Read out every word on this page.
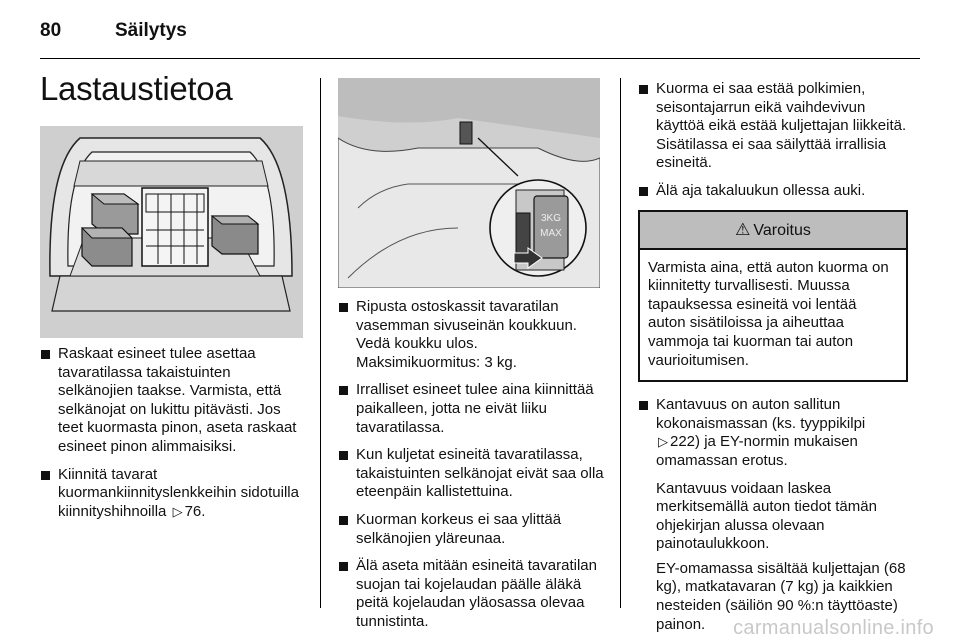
80	Säilytys
Lastaustietoa
3KG
MAX
Raskaat esineet tulee asettaa tavaratilassa takaistuinten selkänojien taakse. Varmista, että selkänojat on lukittu pitävästi. Jos teet kuormasta pinon, aseta raskaat esineet pinon alimmaisiksi.
Kiinnitä tavarat kuormankiinnityslenkkeihin sidotuilla kiinnityshihnoilla ▷ 76.
Ripusta ostoskassit tavaratilan vasemman sivuseinän koukkuun. Vedä koukku ulos. Maksimikuormitus: 3 kg.
Irralliset esineet tulee aina kiinnittää paikalleen, jotta ne eivät liiku tavaratilassa.
Kun kuljetat esineitä tavaratilassa, takaistuinten selkänojat eivät saa olla eteenpäin kallistettuina.
Kuorman korkeus ei saa ylittää selkänojien yläreunaa.
Älä aseta mitään esineitä tavaratilan suojan tai kojelaudan päälle äläkä peitä kojelaudan yläosassa olevaa tunnistinta.
Kuorma ei saa estää polkimien, seisontajarrun eikä vaihdevivun käyttöä eikä estää kuljettajan liikkeitä. Sisätilassa ei saa säilyttää irrallisia esineitä.
Älä aja takaluukun ollessa auki.
⚠ Varoitus
Varmista aina, että auton kuorma on kiinnitetty turvallisesti. Muussa tapauksessa esineitä voi lentää auton sisätiloissa ja aiheuttaa vammoja tai kuorman tai auton vaurioitumisen.
Kantavuus on auton sallitun kokonaismassan (ks. tyyppikilpi ▷ 222) ja EY-normin mukaisen omamassan erotus.

Kantavuus voidaan laskea merkitsemällä auton tiedot tämän ohjekirjan alussa olevaan painotaulukkoon.

EY-omamassa sisältää kuljettajan (68 kg), matkatavaran (7 kg) ja kaikkien nesteiden (säiliön 90 %:n täyttöaste) painon.	carmanualsonline.info
